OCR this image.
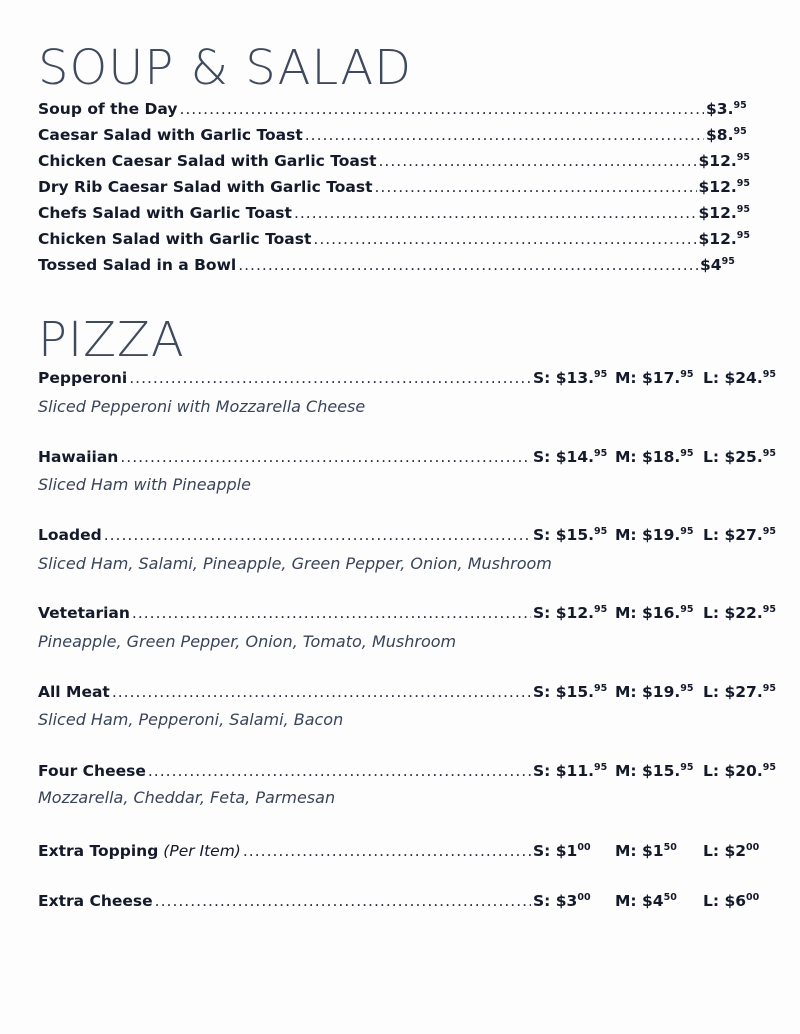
SOUP & SALAD
Soup of the Day .....	$3.95
Caesar Salad with Garlic Toast .....	$8.95
Chicken Caesar Salad with Garlic Toast .....	$12.95
Dry Rib Caesar Salad with Garlic Toast .....	$12.95
Chefs Salad with Garlic Toast .....	$12.95
Chicken Salad with Garlic Toast .....	$12.95
Tossed Salad in a Bowl .....	$\$4^{95}$
PIZZA
Pepperoni .....	S: $13.95 M: $17.95 L: $24.95
Sliced Pepperoni with Mozzarella Cheese
Hawaiian .....	S: $14.95 M: $18.95 L: $25.95
Sliced Ham with Pineapple
Loaded .....	S: $15.95 M: $19.95 L: $27.95
Sliced Ham, Salami, Pineapple, Green Pepper, Onion, Mushroom
Vetetarian .....	S: $12.95 M: $16.95 L: $22.95
Pineapple, Green Pepper, Onion, Tomato, Mushroom
All Meat .....	S: $15.95 M: $19.95 L: $27.95
Sliced Ham, Pepperoni, Salami, Bacon
Four Cheese .....	S: $11.95 M: $15.95 L: $20.95
Mozzarella, Cheddar, Feta, Parmesan
Extra Topping (Per Item) .....	S: $\$1^{00}$	M: $\$1^{50}$	L: $\$2^{00}$
Extra Cheese .....	S: $\$3^{00}$	M: $\$4^{50}$	L: $\$6^{00}$
